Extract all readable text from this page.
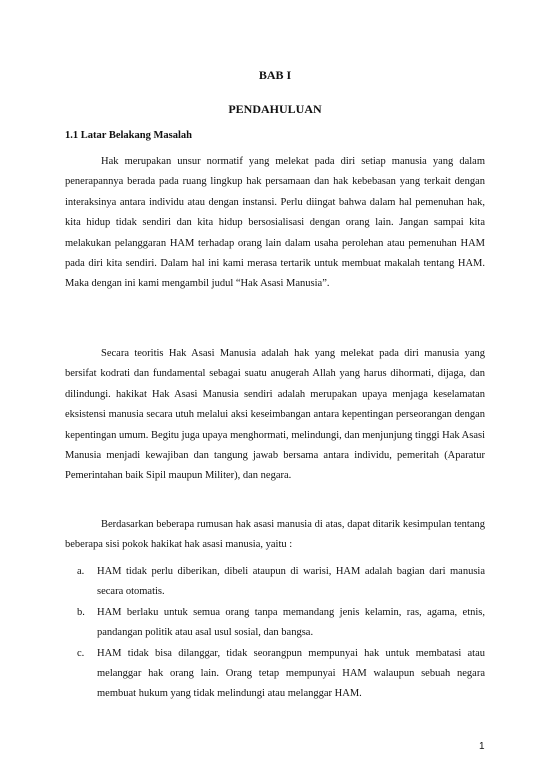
BAB I
PENDAHULUAN
1.1 Latar Belakang Masalah

Hak merupakan unsur normatif yang melekat pada diri setiap manusia yang dalam penerapannya berada pada ruang lingkup hak persamaan dan hak kebebasan yang terkait dengan interaksinya antara individu atau dengan instansi. Perlu diingat bahwa dalam hal pemenuhan hak, kita hidup tidak sendiri dan kita hidup bersosialisasi dengan orang lain. Jangan sampai kita melakukan pelanggaran HAM terhadap orang lain dalam usaha perolehan atau pemenuhan HAM pada diri kita sendiri. Dalam hal ini kami merasa tertarik untuk membuat makalah tentang HAM. Maka dengan ini kami mengambil judul “Hak Asasi Manusia”.

Secara teoritis Hak Asasi Manusia adalah hak yang melekat pada diri manusia yang bersifat kodrati dan fundamental sebagai suatu anugerah Allah yang harus dihormati, dijaga, dan dilindungi. hakikat Hak Asasi Manusia sendiri adalah merupakan upaya menjaga keselamatan eksistensi manusia secara utuh melalui aksi keseimbangan antara kepentingan perseorangan dengan kepentingan umum. Begitu juga upaya menghormati, melindungi, dan menjunjung tinggi Hak Asasi Manusia menjadi kewajiban dan tangung jawab bersama antara individu, pemeritah (Aparatur Pemerintahan baik Sipil maupun Militer), dan negara.

Berdasarkan beberapa rumusan hak asasi manusia di atas, dapat ditarik kesimpulan tentang beberapa sisi pokok hakikat hak asasi manusia, yaitu :

a. HAM tidak perlu diberikan, dibeli ataupun di warisi, HAM adalah bagian dari manusia secara otomatis.
b. HAM berlaku untuk semua orang tanpa memandang jenis kelamin, ras, agama, etnis, pandangan politik atau asal usul sosial, dan bangsa.
c. HAM tidak bisa dilanggar, tidak seorangpun mempunyai hak untuk membatasi atau melanggar hak orang lain. Orang tetap mempunyai HAM walaupun sebuah negara membuat hukum yang tidak melindungi atau melanggar HAM.
1
